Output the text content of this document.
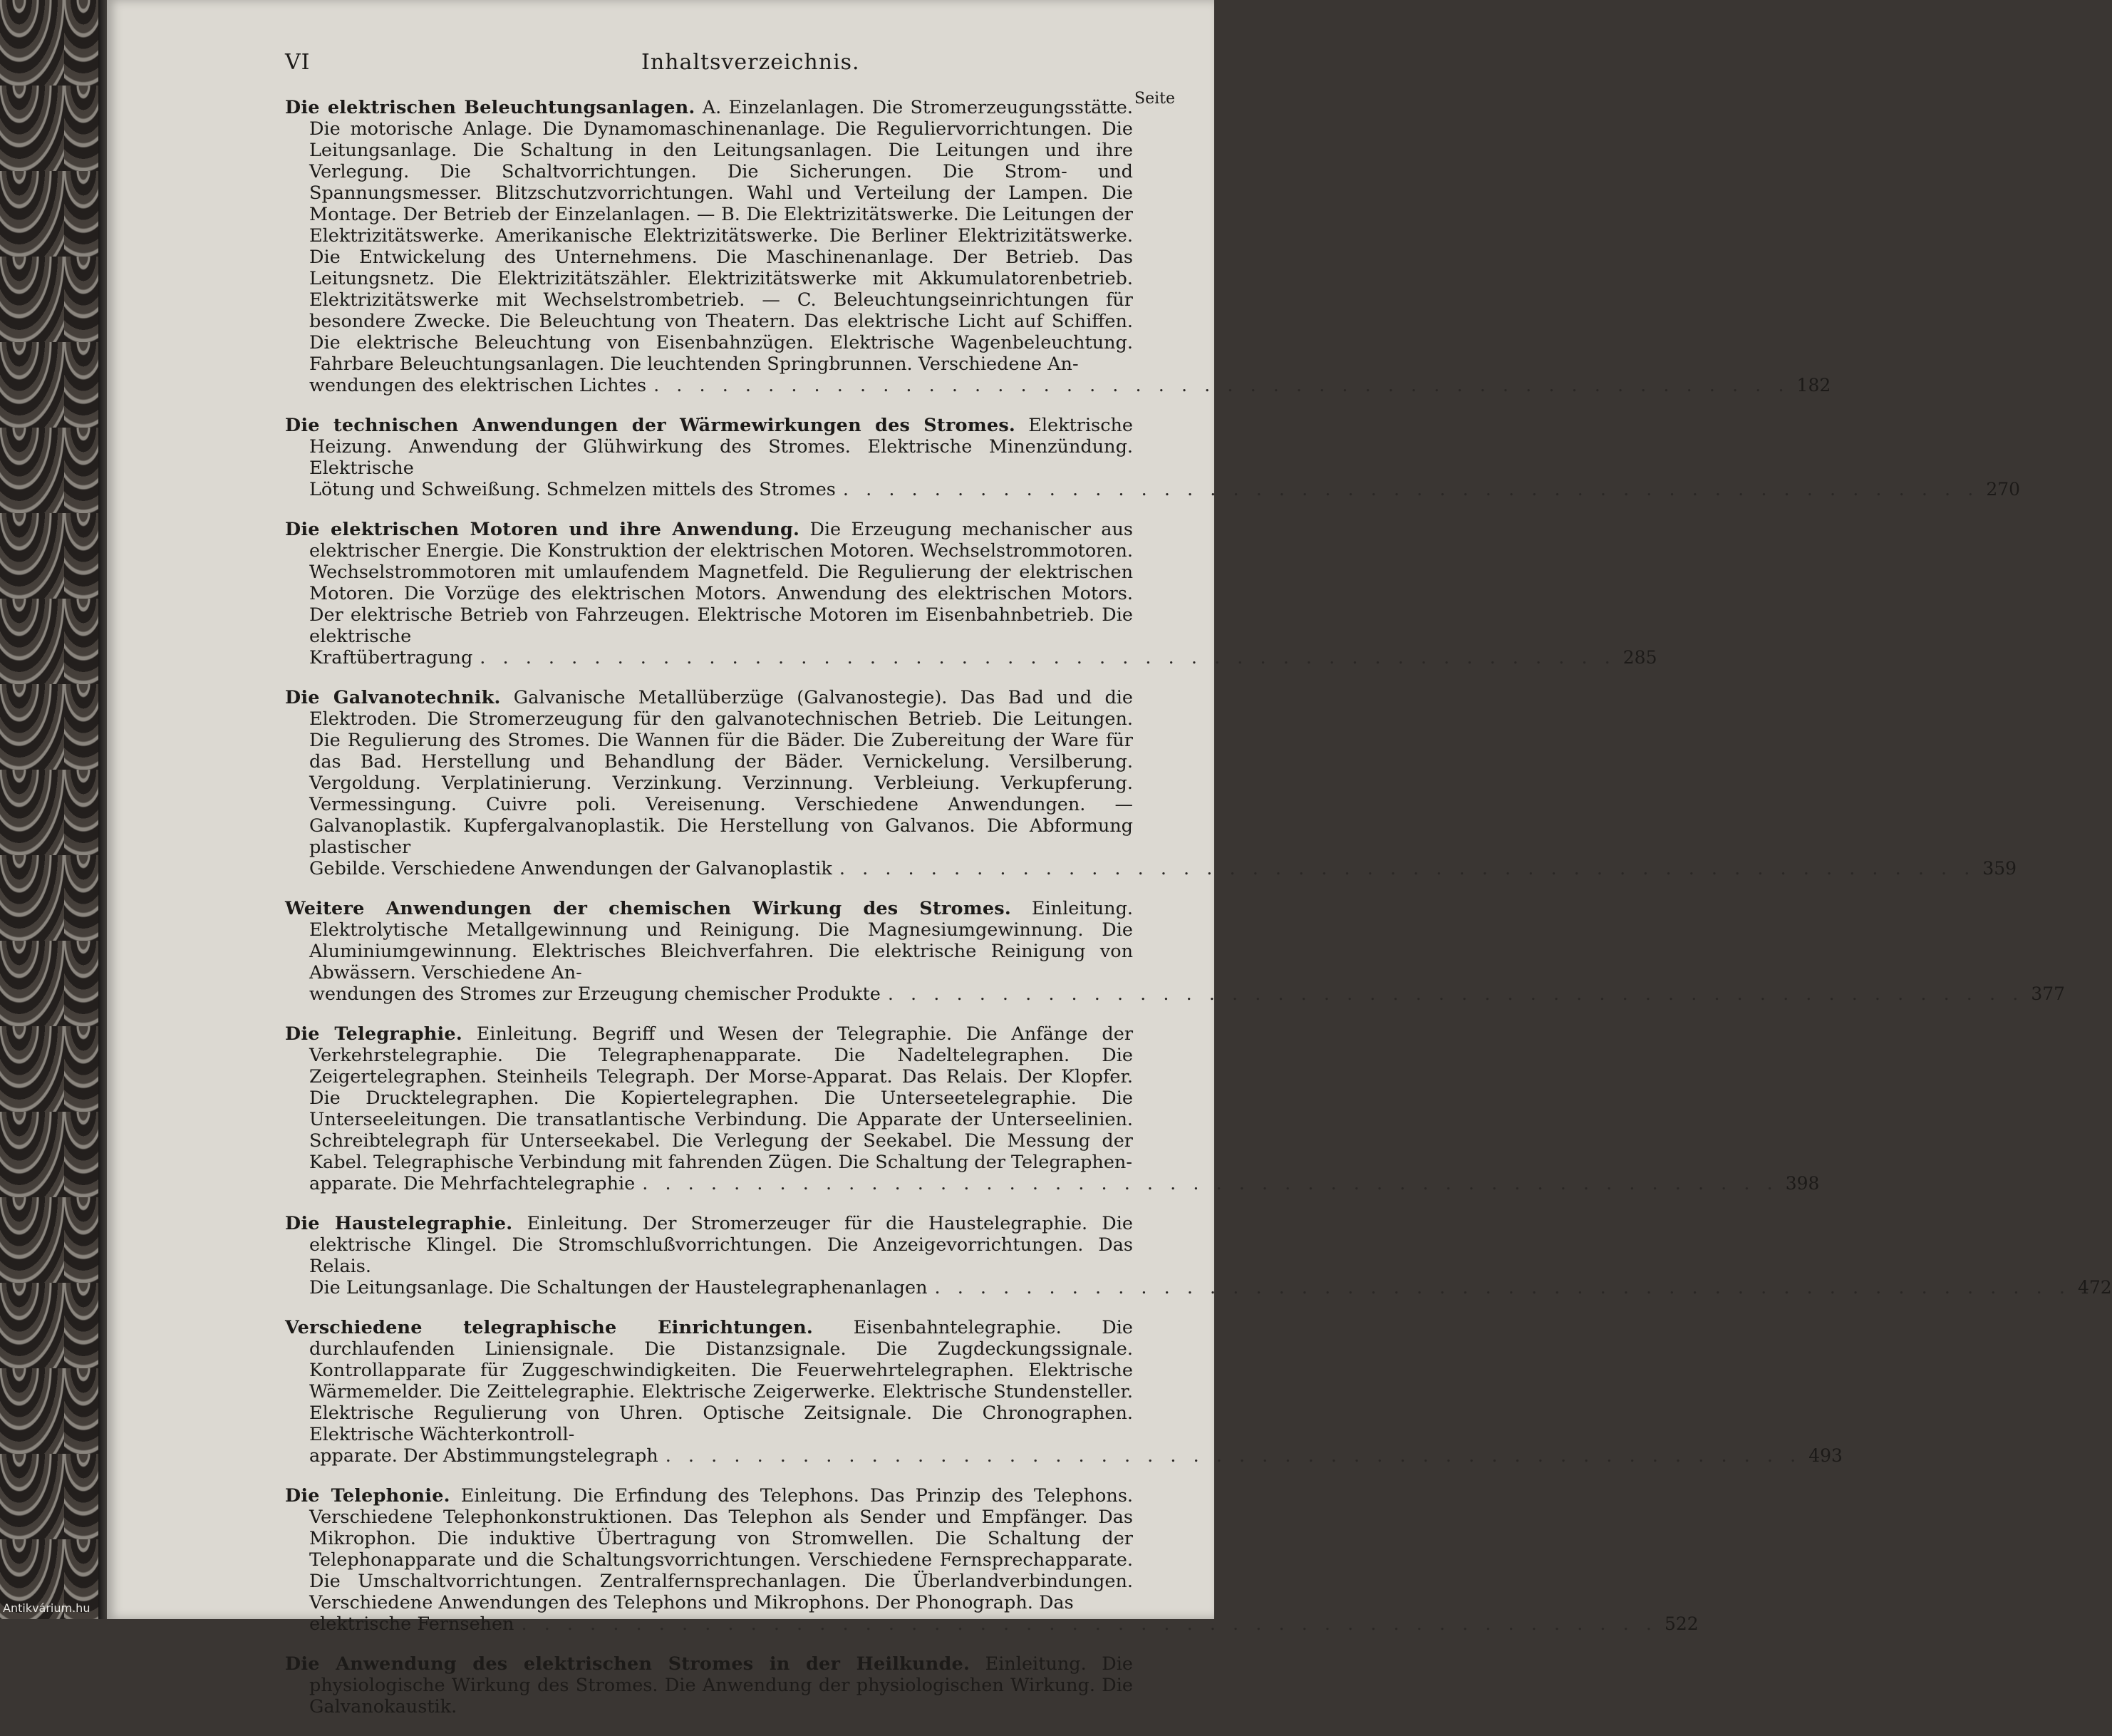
VI	Inhaltsverzeichnis.
Seite

Die elektrischen Beleuchtungsanlagen. A. Einzelanlagen. Die Stromerzeugungsstätte. Die motorische Anlage. Die Dynamomaschinenanlage. Die Reguliervorrichtungen. Die Leitungsanlage. Die Schaltung in den Leitungsanlagen. Die Leitungen und ihre Verlegung. Die Schaltvorrichtungen. Die Sicherungen. Die Strom- und Spannungsmesser. Blitzschutzvorrichtungen. Wahl und Verteilung der Lampen. Die Montage. Der Betrieb der Einzelanlagen. — B. Die Elektrizitätswerke. Die Leitungen der Elektrizitätswerke. Amerikanische Elektrizitätswerke. Die Berliner Elektrizitätswerke. Die Entwickelung des Unternehmens. Die Maschinenanlage. Der Betrieb. Das Leitungsnetz. Die Elektrizitätszähler. Elektrizitätswerke mit Akkumulatorenbetrieb. Elektrizitätswerke mit Wechselstrombetrieb. — C. Beleuchtungseinrichtungen für besondere Zwecke. Die Beleuchtung von Theatern. Das elektrische Licht auf Schiffen. Die elektrische Beleuchtung von Eisenbahnzügen. Elektrische Wagenbeleuchtung. Fahrbare Beleuchtungsanlagen. Die leuchtenden Springbrunnen. Verschiedene An-

wendungen des elektrischen Lichtes . . . . . . . . . . . . . . . . . . . . . . . . . . . . . . . . . . . . . . . . . . . . . . . . . . 182

Die technischen Anwendungen der Wärmewirkungen des Stromes. Elektrische Heizung. Anwendung der Glühwirkung des Stromes. Elektrische Minenzündung. Elektrische

Lötung und Schweißung. Schmelzen mittels des Stromes . . . . . . . . . . . . . . . . . . . . . . . . . . . . . . . . . . . . . . . . . . . . . . . . . . 270

Die elektrischen Motoren und ihre Anwendung. Die Erzeugung mechanischer aus elektrischer Energie. Die Konstruktion der elektrischen Motoren. Wechselstrommotoren. Wechselstrommotoren mit umlaufendem Magnetfeld. Die Regulierung der elektrischen Motoren. Die Vorzüge des elektrischen Motors. Anwendung des elektrischen Motors. Der elektrische Betrieb von Fahrzeugen. Elektrische Motoren im Eisenbahnbetrieb. Die elektrische

Kraftübertragung . . . . . . . . . . . . . . . . . . . . . . . . . . . . . . . . . . . . . . . . . . . . . . . . . . 285

Die Galvanotechnik. Galvanische Metallüberzüge (Galvanostegie). Das Bad und die Elektroden. Die Stromerzeugung für den galvanotechnischen Betrieb. Die Leitungen. Die Regulierung des Stromes. Die Wannen für die Bäder. Die Zubereitung der Ware für das Bad. Herstellung und Behandlung der Bäder. Vernickelung. Versilberung. Vergoldung. Verplatinierung. Verzinkung. Verzinnung. Verbleiung. Verkupferung. Vermessingung. Cuivre poli. Vereisenung. Verschiedene Anwendungen. — Galvanoplastik. Kupfergalvanoplastik. Die Herstellung von Galvanos. Die Abformung plastischer

Gebilde. Verschiedene Anwendungen der Galvanoplastik . . . . . . . . . . . . . . . . . . . . . . . . . . . . . . . . . . . . . . . . . . . . . . . . . . 359

Weitere Anwendungen der chemischen Wirkung des Stromes. Einleitung. Elektrolytische Metallgewinnung und Reinigung. Die Magnesiumgewinnung. Die Aluminiumgewinnung. Elektrisches Bleichverfahren. Die elektrische Reinigung von Abwässern. Verschiedene An-

wendungen des Stromes zur Erzeugung chemischer Produkte . . . . . . . . . . . . . . . . . . . . . . . . . . . . . . . . . . . . . . . . . . . . . . . . . . 377

Die Telegraphie. Einleitung. Begriff und Wesen der Telegraphie. Die Anfänge der Verkehrstelegraphie. Die Telegraphenapparate. Die Nadeltelegraphen. Die Zeigertelegraphen. Steinheils Telegraph. Der Morse-Apparat. Das Relais. Der Klopfer. Die Drucktelegraphen. Die Kopiertelegraphen. Die Unterseetelegraphie. Die Unterseeleitungen. Die transatlantische Verbindung. Die Apparate der Unterseelinien. Schreibtelegraph für Unterseekabel. Die Verlegung der Seekabel. Die Messung der Kabel. Telegraphische Verbindung mit fahrenden Zügen. Die Schaltung der Telegraphen-

apparate. Die Mehrfachtelegraphie . . . . . . . . . . . . . . . . . . . . . . . . . . . . . . . . . . . . . . . . . . . . . . . . . . 398

Die Haustelegraphie. Einleitung. Der Stromerzeuger für die Haustelegraphie. Die elektrische Klingel. Die Stromschlußvorrichtungen. Die Anzeigevorrichtungen. Das Relais.

Die Leitungsanlage. Die Schaltungen der Haustelegraphenanlagen . . . . . . . . . . . . . . . . . . . . . . . . . . . . . . . . . . . . . . . . . . . . . . . . . . 472

Verschiedene telegraphische Einrichtungen. Eisenbahntelegraphie. Die durchlaufenden Liniensignale. Die Distanzsignale. Die Zugdeckungssignale. Kontrollapparate für Zuggeschwindigkeiten. Die Feuerwehrtelegraphen. Elektrische Wärmemelder. Die Zeittelegraphie. Elektrische Zeigerwerke. Elektrische Stundensteller. Elektrische Regulierung von Uhren. Optische Zeitsignale. Die Chronographen. Elektrische Wächterkontroll-

apparate. Der Abstimmungstelegraph . . . . . . . . . . . . . . . . . . . . . . . . . . . . . . . . . . . . . . . . . . . . . . . . . . 493

Die Telephonie. Einleitung. Die Erfindung des Telephons. Das Prinzip des Telephons. Verschiedene Telephonkonstruktionen. Das Telephon als Sender und Empfänger. Das Mikrophon. Die induktive Übertragung von Stromwellen. Die Schaltung der Telephonapparate und die Schaltungsvorrichtungen. Verschiedene Fernsprechapparate. Die Umschaltvorrichtungen. Zentralfernsprechanlagen. Die Überlandverbindungen. Verschiedene Anwendungen des Telephons und Mikrophons. Der Phonograph. Das

elektrische Fernsehen . . . . . . . . . . . . . . . . . . . . . . . . . . . . . . . . . . . . . . . . . . . . . . . . . . 522

Die Anwendung des elektrischen Stromes in der Heilkunde. Einleitung. Die physiologische Wirkung des Stromes. Die Anwendung der physiologischen Wirkung. Die Galvanokaustik.

Antikvárium.hu
